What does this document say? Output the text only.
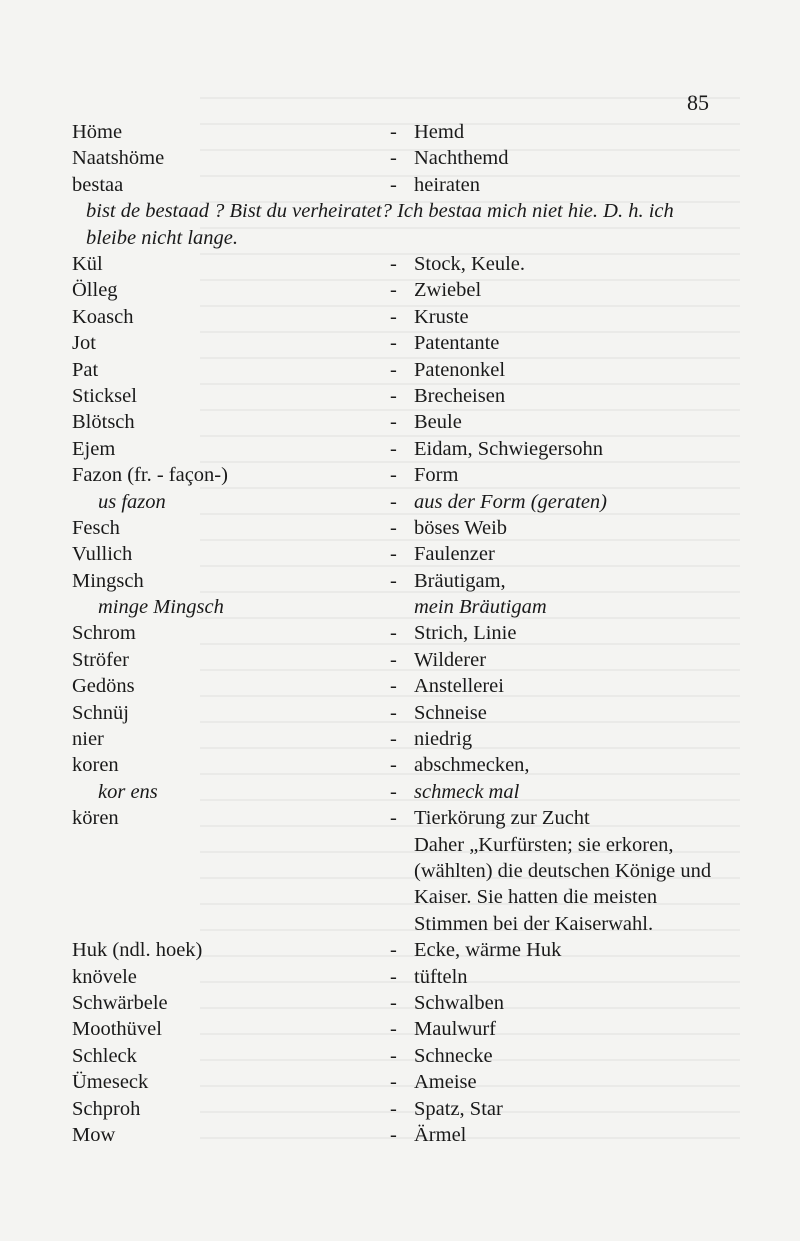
85
Höme	- Hemd
Naatshöme	- Nachthemd
bestaa	- heiraten

bist de bestaad ? Bist du verheiratet? Ich bestaa mich niet hie. D. h. ich bleibe nicht lange.

Kül	- Stock, Keule.
Ölleg	- Zwiebel
Koasch	- Kruste
Jot	- Patentante
Pat	- Patenonkel
Sticksel	- Brecheisen
Blötsch	- Beule
Ejem	- Eidam, Schwiegersohn
Fazon (fr. - façon-)	- Form
us fazon	- aus der Form (geraten)
Fesch	- böses Weib
Vullich	- Faulenzer
Mingsch	- Bräutigam,
minge Mingsch	mein Bräutigam
Schrom	- Strich, Linie
Ströfer	- Wilderer
Gedöns	- Anstellerei
Schnüj	- Schneise
nier	- niedrig
koren	- abschmecken,
kor ens	- schmeck mal
kören	- Tierkörung zur Zucht
Daher „Kurfürsten; sie erkoren, (wählten) die deutschen Könige und Kaiser. Sie hatten die meisten Stimmen bei der Kaiserwahl.
Huk (ndl. hoek)	- Ecke, wärme Huk
knövele	- tüfteln
Schwärbele	- Schwalben
Moothüvel	- Maulwurf
Schleck	- Schnecke
Ümeseck	- Ameise
Schproh	- Spatz, Star
Mow	- Ärmel
